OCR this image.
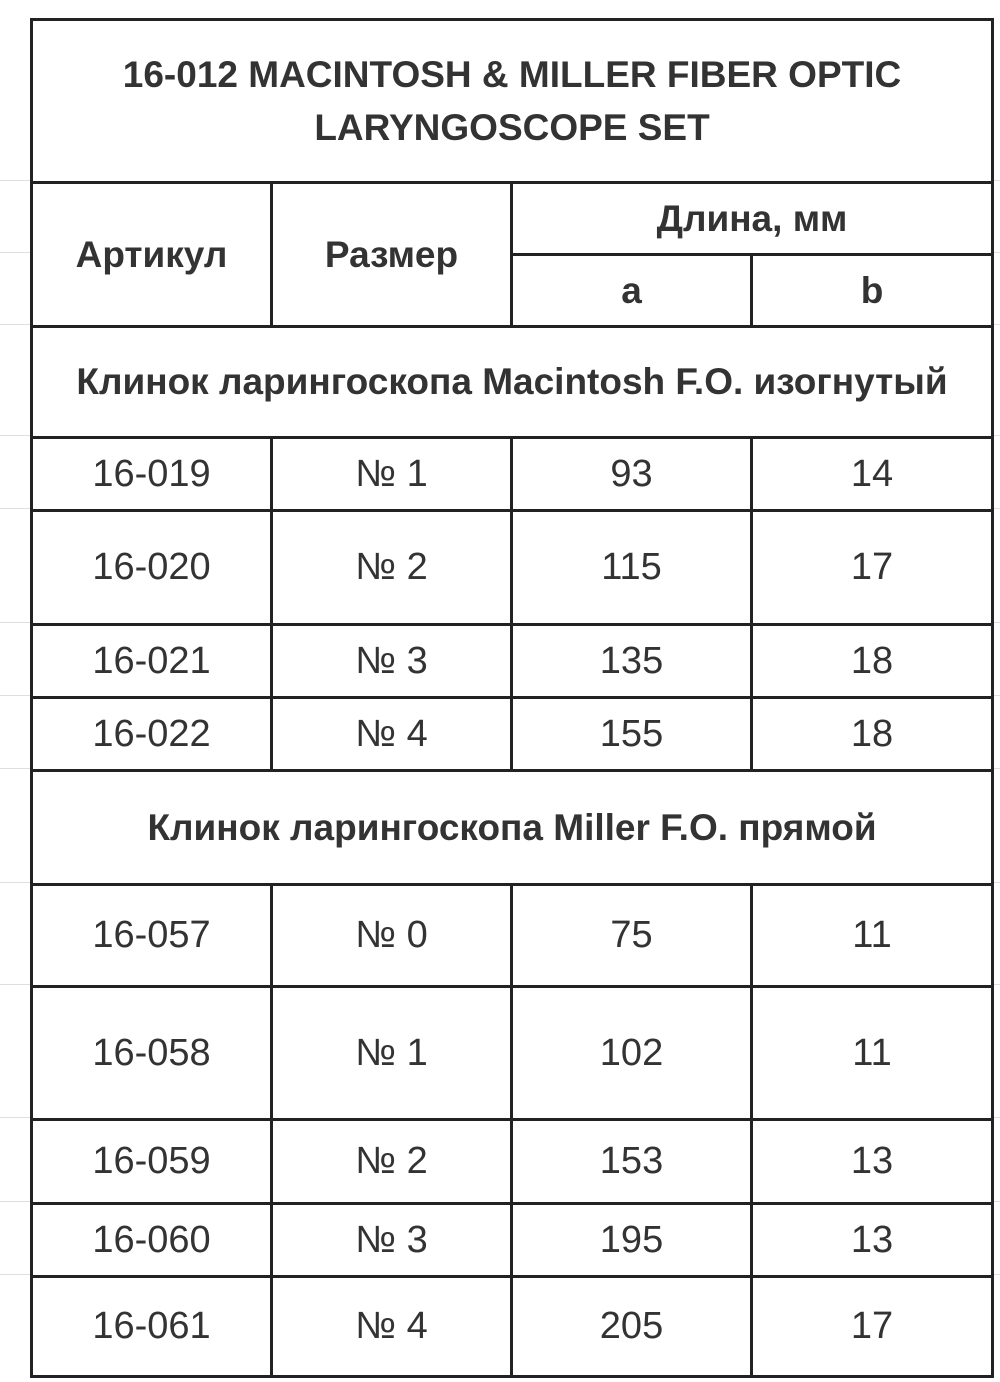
16-012 MACINTOSH & MILLER FIBER OPTIC LARYNGOSCOPE SET			
Артикул	Размер	Длина, мм	
		a	b
Клинок ларингоскопа Macintosh F.O. изогнутый			
16-019	№ 1	93	14
16-020	№ 2	115	17
16-021	№ 3	135	18
16-022	№ 4	155	18
Клинок ларингоскопа Miller F.O. прямой			
16-057	№ 0	75	11
16-058	№ 1	102	11
16-059	№ 2	153	13
16-060	№ 3	195	13
16-061	№ 4	205	17
